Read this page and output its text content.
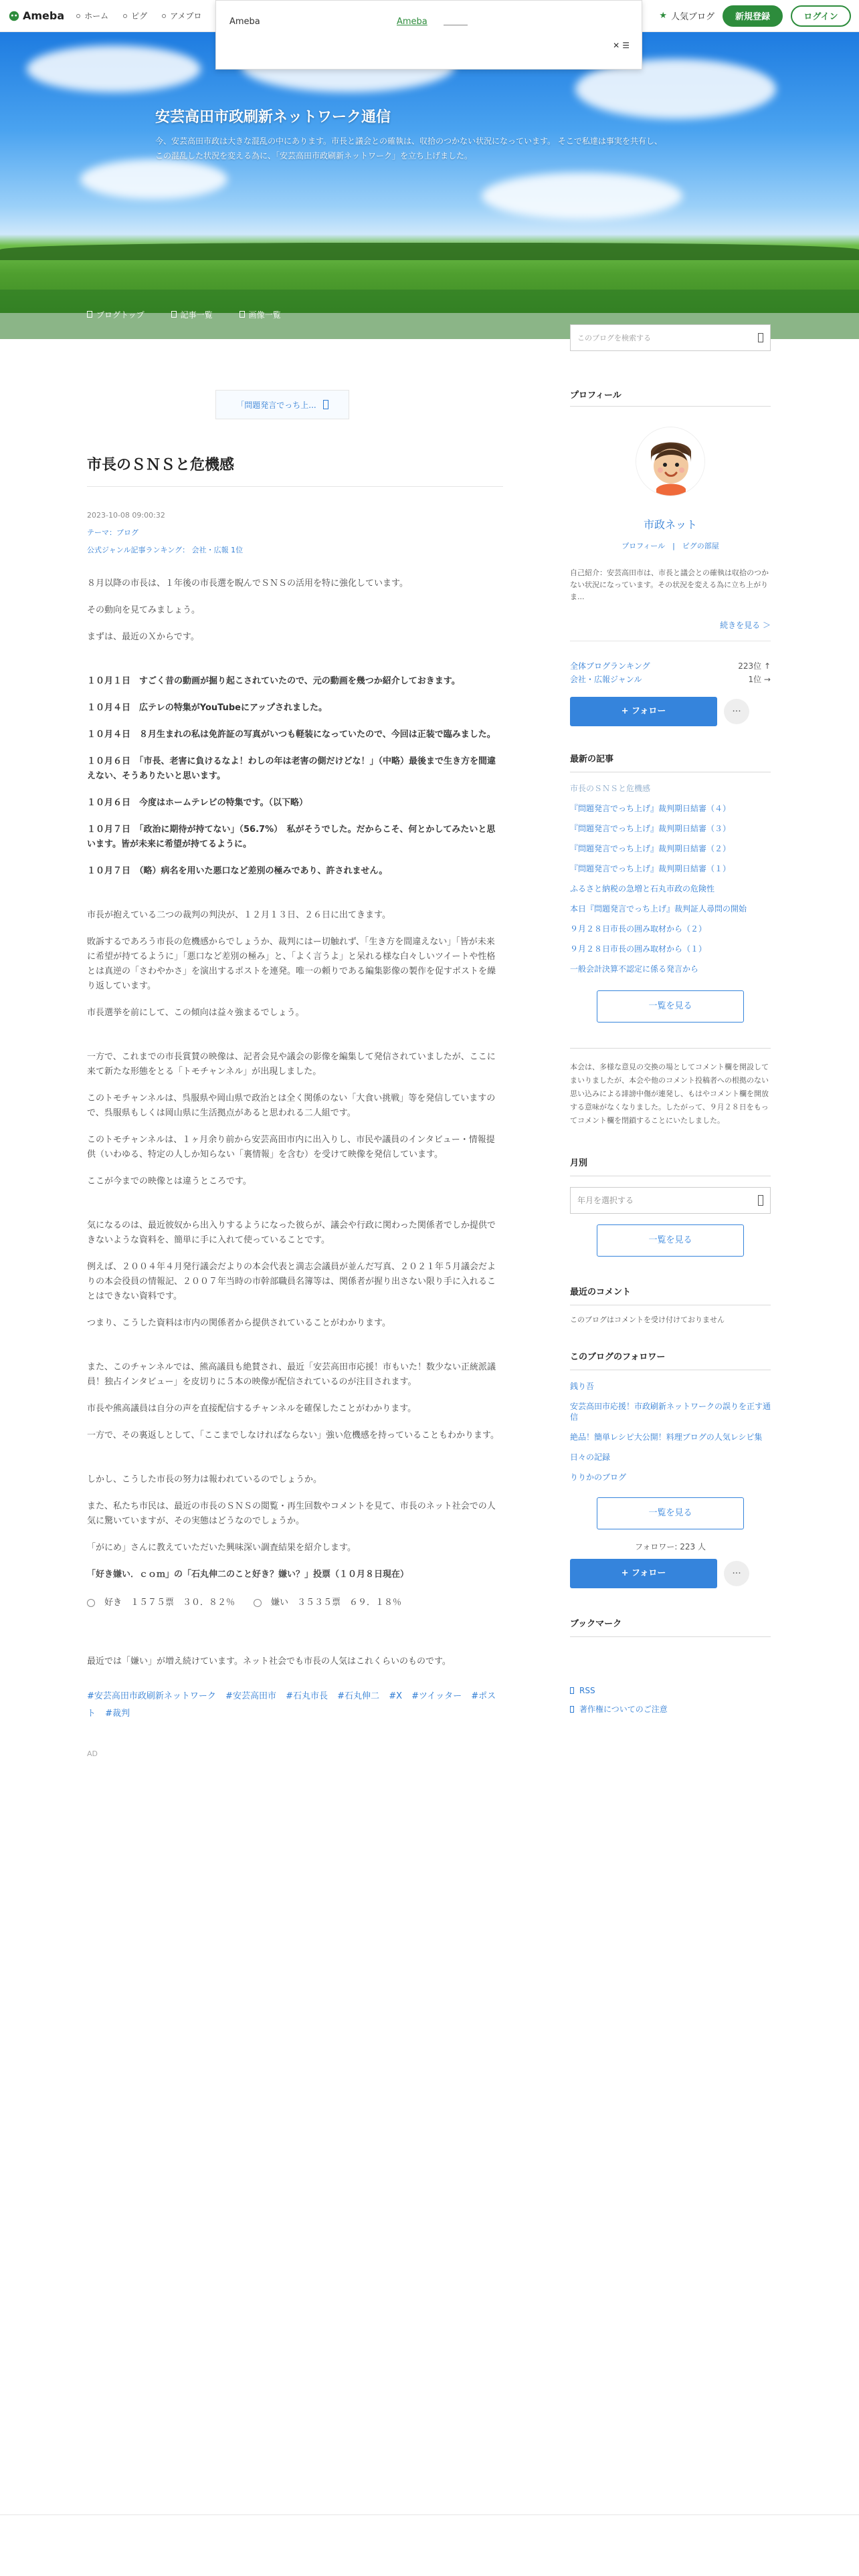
Ameba	ホーム	ピグ	アメプロ	★ 人気ブログ	新規登録	ログイン
Ameba	Ameba
✕ ☰
安芸高田市政刷新ネットワーク通信
今、安芸高田市政は大きな混乱の中にあります。市長と議会との確執は、収拾のつかない状況になっています。 そこで私達は事実を共有し、この混乱した状況を変える為に、「安芸高田市政刷新ネットワーク」を立ち上げました。
ブログトップ	記事一覧	画像一覧
このブログを検索する
「問題発言でっち上...
市長のＳＮＳと危機感
2023-10-08 09:00:32
テーマ：ブログ
公式ジャンル記事ランキング： 会社・広報 1位
８月以降の市長は、１年後の市長選を睨んでＳＮＳの活用を特に強化しています。
その動向を見てみましょう。
まずは、最近のＸからです。
１０月１日　すごく昔の動画が掘り起こされていたので、元の動画を幾つか紹介しておきます。
１０月４日　広テレの特集がYouTubeにアップされました。
１０月４日　８月生まれの私は免許証の写真がいつも軽装になっていたので、今回は正装で臨みました。
１０月６日　「市長、老害に負けるなよ！わしの年は老害の側だけどな！」（中略）最後まで生き方を間違えない、そうありたいと思います。
１０月６日　今度はホームテレビの特集です。（以下略）
１０月７日　「政治に期待が持てない」（56.7%）　私がそうでした。だからこそ、何とかしてみたいと思います。皆が未来に希望が持てるように。
１０月７日　（略）病名を用いた悪口など差別の極みであり、許されません。
市長が抱えている二つの裁判の判決が、１２月１３日、２６日に出てきます。
敗訴するであろう市長の危機感からでしょうか、裁判にはー切触れず、「生き方を間違えない」「皆が未来に希望が持てるように」「悪口など差別の極み」と、「よく言うよ」と呆れる様な白々しいツイートや性格とは真逆の「さわやかさ」を演出するポストを連発。唯一の頼りである編集影像の製作を促すポストを繰り返しています。
市長選挙を前にして、この傾向は益々強まるでしょう。
一方で、これまでの市長賞賛の映像は、記者会見や議会の影像を編集して発信されていましたが、ここに来て新たな形態をとる「トモチャンネル」が出現しました。
このトモチャンネルは、呉服県や岡山県で政治とは全く関係のない「大食い挑戦」等を発信していますので、呉服県もしくは岡山県に生活拠点があると思われる二人組です。
このトモチャンネルは、１ヶ月余り前から安芸高田市内に出入りし、市民や議員のインタビュー・情報提供（いわゆる、特定の人しか知らない「裏情報」を含む）を受けて映像を発信しています。
ここが今までの映像とは違うところです。
気になるのは、最近彼奴から出入りするようになった彼らが、議会や行政に関わった関係者でしか提供できないような資料を、簡単に手に入れて使っていることです。
例えば、２００４年４月発行議会だよりの本会代表と満志会議員が並んだ写真、２０２１年５月議会だよりの本会役員の情報記、２００７年当時の市幹部職員名簿等は、関係者が握り出さない限り手に入れることはできない資料です。
つまり、こうした資料は市内の関係者から提供されていることがわかります。
また、このチャンネルでは、熊高議員も絶賛され、最近「安芸高田市応援！市もいた！数少ない正統派議員！独占インタビュー」を皮切りに５本の映像が配信されているのが注目されます。
市長や熊高議員は自分の声を直接配信するチャンネルを確保したことがわかります。
一方で、その裏返しとして、「ここまでしなければならない」強い危機感を持っていることもわかります。
しかし、こうした市長の努力は報われているのでしょうか。
また、私たち市民は、最近の市長のＳＮＳの閲覧・再生回数やコメントを見て、市長のネット社会での人気に驚いていますが、その実態はどうなのでしょうか。
「がにめ」さんに教えていただいた興味深い調査結果を紹介します。
「好き嫌い．ｃｏｍ」の「石丸伸二のこと好き？嫌い？」投票（１０月８日現在）
好き　１５７５票　３０．８２％	嫌い　３５３５票　６９．１８％
最近では「嫌い」が増え続けています。ネット社会でも市長の人気はこれくらいのものです。
#安芸高田市政刷新ネットワーク #安芸高田市 #石丸市長 #石丸伸二 #X #ツイッター #ポスト #裁判
AD
プロフィール
市政ネット
プロフィール　|　ピグの部屋
自己紹介：安芸高田市は、市長と議会との確執は収拾のつかない状況になっています。その状況を変える為に立ち上がりま...
続きを見る ＞
全体ブログランキング	223位 ↑
会社・広報ジャンル	1位 →
+ フォロー	···
最新の記事
市長のＳＮＳと危機感
『問題発言でっち上げ』裁判期日結審（４）
『問題発言でっち上げ』裁判期日結審（３）
『問題発言でっち上げ』裁判期日結審（２）
『問題発言でっち上げ』裁判期日結審（１）
ふるさと納税の急増と石丸市政の危険性
本日『問題発言でっち上げ』裁判証人尋問の開始
９月２８日市長の囲み取材から（２）
９月２８日市長の囲み取材から（１）
一般会計決算不認定に係る発言から
一覧を見る
本会は、多様な意見の交換の場としてコメント欄を開設してまいりましたが、本会や他のコメント投稿者への根拠のない思い込みによる誹謗中傷が連発し、もはやコメント欄を開放する意味がなくなりました。したがって、９月２８日をもってコメント欄を閉鎖することにいたしました。
月別
年月を選択する
一覧を見る
最近のコメント
このブログはコメントを受け付けておりません
このブログのフォロワー
銭り吾
安芸高田市応援！市政刷新ネットワークの誤りを正す通信
絶品！簡単レシピ大公開！料理ブログの人気レシピ集
日々の記録
りりかのブログ
一覧を見る
フォロワー: 223 人
+ フォロー	···
ブックマーク
RSS
著作権についてのご注意
